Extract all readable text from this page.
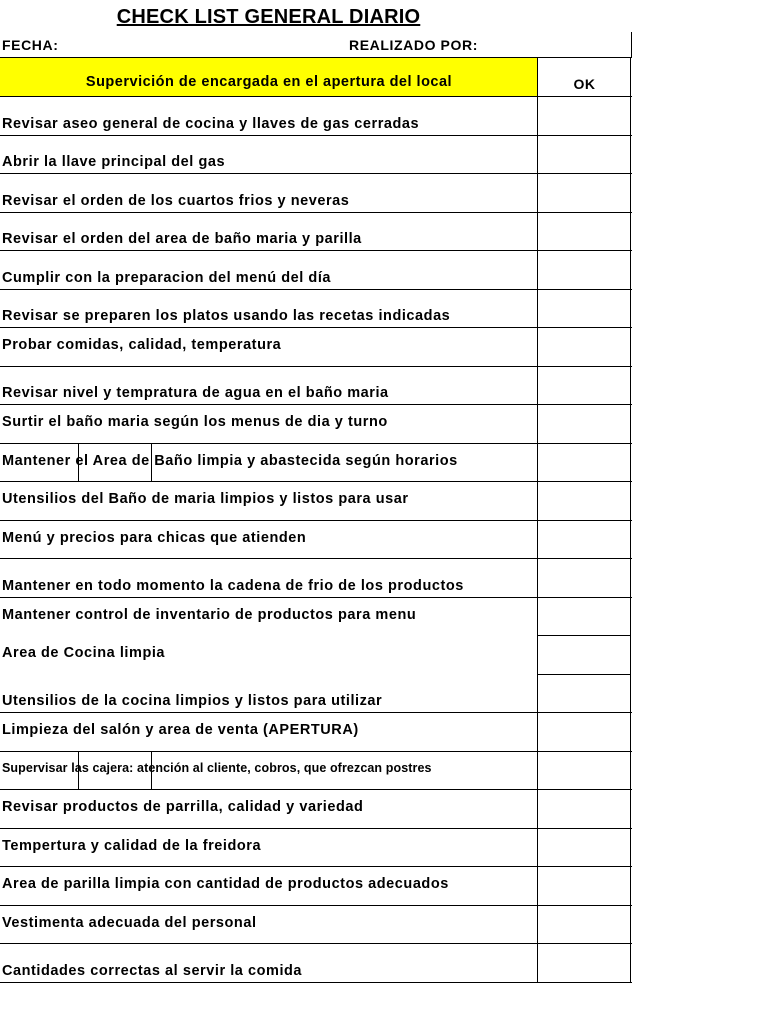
CHECK LIST GENERAL DIARIO
FECHA:	REALIZADO POR:
Supervición de encargada en el apertura del local	OK
Revisar aseo general de cocina y llaves de gas cerradas
Abrir la llave principal del gas
Revisar el orden de los cuartos frios y neveras
Revisar el orden del area de baño maria y parilla
Cumplir con la preparacion del menú del día
Revisar se preparen los platos usando las recetas indicadas
Probar comidas, calidad, temperatura
Revisar nivel y tempratura de agua en el baño maria
Surtir el baño maria según los menus de dia y turno
Mantener el Area de Baño limpia y abastecida según horarios
Utensilios del Baño de maria limpios y listos para usar
Menú y precios para chicas que atienden
Mantener en todo momento la cadena de frio de los productos
Mantener control de inventario de productos para menu
Area de Cocina limpia
Utensilios de la cocina limpios y listos para utilizar
Limpieza del salón y area de venta (APERTURA)
Supervisar las cajera: atención al cliente, cobros, que ofrezcan postres
Revisar productos de parrilla, calidad y variedad
Tempertura y calidad de la freidora
Area de parilla limpia con cantidad de productos adecuados
Vestimenta adecuada del personal
Cantidades correctas al servir la comida
